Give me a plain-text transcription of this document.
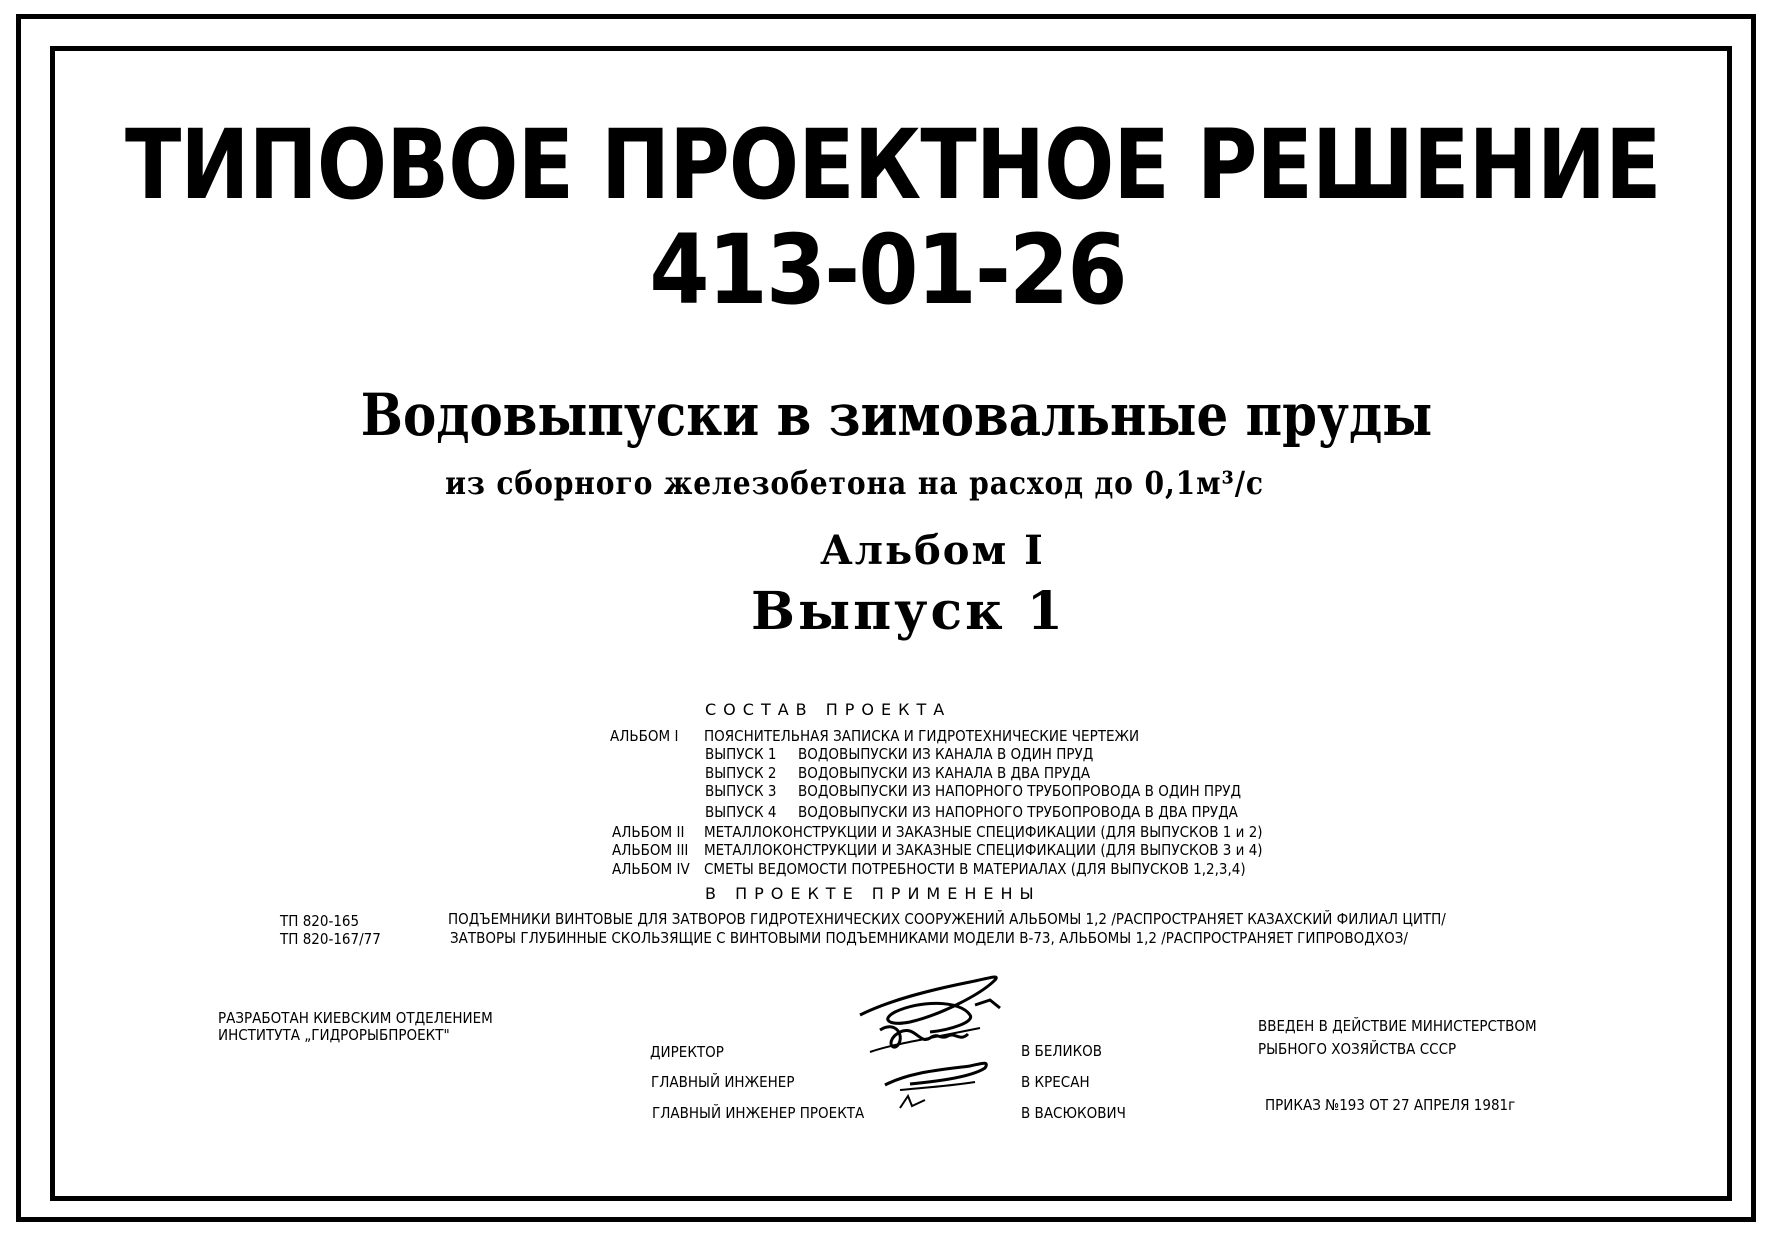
ТИПОВОЕ ПРОЕКТНОЕ РЕШЕНИЕ
413-01-26
Водовыпуски в зимовальные пруды
из сборного железобетона на расход до 0,1м³/с
Альбом I
Выпуск 1
СОСТАВ ПРОЕКТА
АЛЬБОМ I ПОЯСНИТЕЛЬНАЯ ЗАПИСКА И ГИДРОТЕХНИЧЕСКИЕ ЧЕРТЕЖИ
ВЫПУСК 1 ВОДОВЫПУСКИ ИЗ КАНАЛА В ОДИН ПРУД
ВЫПУСК 2 ВОДОВЫПУСКИ ИЗ КАНАЛА В ДВА ПРУДА
ВЫПУСК 3 ВОДОВЫПУСКИ ИЗ НАПОРНОГО ТРУБОПРОВОДА В ОДИН ПРУД
ВЫПУСК 4 ВОДОВЫПУСКИ ИЗ НАПОРНОГО ТРУБОПРОВОДА В ДВА ПРУДА
АЛЬБОМ II МЕТАЛЛОКОНСТРУКЦИИ И ЗАКАЗНЫЕ СПЕЦИФИКАЦИИ (ДЛЯ ВЫПУСКОВ 1 и 2)
АЛЬБОМ III МЕТАЛЛОКОНСТРУКЦИИ И ЗАКАЗНЫЕ СПЕЦИФИКАЦИИ (ДЛЯ ВЫПУСКОВ 3 и 4)
АЛЬБОМ IV СМЕТЫ ВЕДОМОСТИ ПОТРЕБНОСТИ В МАТЕРИАЛАХ (ДЛЯ ВЫПУСКОВ 1,2,3,4)
В ПРОЕКТЕ ПРИМЕНЕНЫ
ТП 820-165	ПОДЪЕМНИКИ ВИНТОВЫЕ ДЛЯ ЗАТВОРОВ ГИДРОТЕХНИЧЕСКИХ СООРУЖЕНИЙ АЛЬБОМЫ 1,2 /РАСПРОСТРАНЯЕТ КАЗАХСКИЙ ФИЛИАЛ ЦИТП/
ТП 820-167/77	ЗАТВОРЫ ГЛУБИННЫЕ СКОЛЬЗЯЩИЕ С ВИНТОВЫМИ ПОДЪЕМНИКАМИ МОДЕЛИ В-73, АЛЬБОМЫ 1,2 /РАСПРОСТРАНЯЕТ ГИПРОВОДХОЗ/
РАЗРАБОТАН КИЕВСКИМ ОТДЕЛЕНИЕМ
ИНСТИТУТА „ГИДРОРЫБПРОЕКТ"
ДИРЕКТОР	В БЕЛИКОВ
ГЛАВНЫЙ ИНЖЕНЕР	В КРЕСАН
ГЛАВНЫЙ ИНЖЕНЕР ПРОЕКТА	В ВАСЮКОВИЧ
ВВЕДЕН В ДЕЙСТВИЕ МИНИСТЕРСТВОМ
РЫБНОГО ХОЗЯЙСТВА СССР
ПРИКАЗ №193 ОТ 27 АПРЕЛЯ 1981г
